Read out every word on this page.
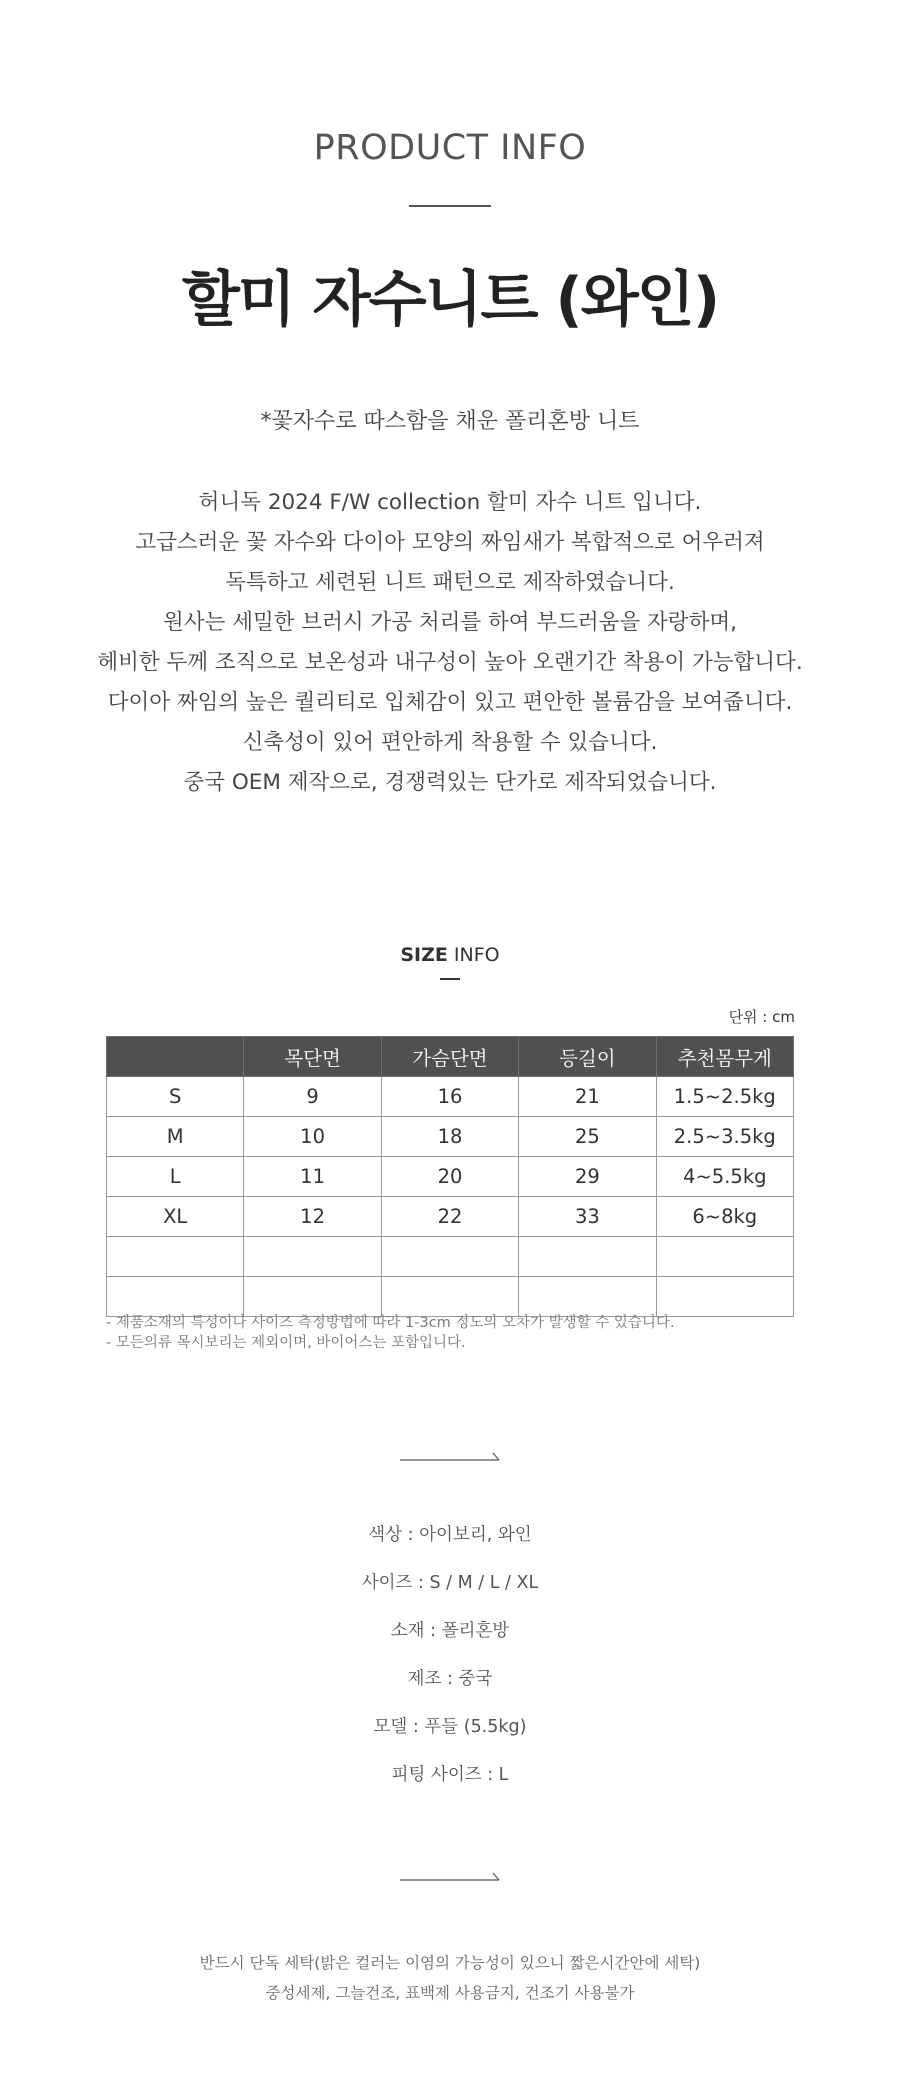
PRODUCT INFO
할미 자수니트 (와인)
*꽃자수로 따스함을 채운 폴리혼방 니트
허니독 2024 F/W collection 할미 자수 니트 입니다.
고급스러운 꽃 자수와 다이아 모양의 짜임새가 복합적으로 어우러져
독특하고 세련된 니트 패턴으로 제작하였습니다.
원사는 세밀한 브러시 가공 처리를 하여 부드러움을 자랑하며,
헤비한 두께 조직으로 보온성과 내구성이 높아 오랜기간 착용이 가능합니다.
다이아 짜임의 높은 퀄리티로 입체감이 있고 편안한 볼륨감을 보여줍니다.
신축성이 있어 편안하게 착용할 수 있습니다.
중국 OEM 제작으로, 경쟁력있는 단가로 제작되었습니다.
SIZE INFO
단위 : cm
	목단면	가슴단면	등길이	추천몸무게
S	9	16	21	1.5~2.5kg
M	10	18	25	2.5~3.5kg
L	11	20	29	4~5.5kg
XL	12	22	33	6~8kg

- 제품소재의 특성이나 사이즈 측정방법에 따라 1-3cm 정도의 오차가 발생할 수 있습니다.
- 모든의류 목시보리는 제외이며, 바이어스는 포함입니다.
색상 : 아이보리, 와인
사이즈 : S / M / L / XL
소재 : 폴리혼방
제조 : 중국
모델 : 푸들 (5.5kg)
피팅 사이즈 : L
반드시 단독 세탁(밝은 컬러는 이염의 가능성이 있으니 짧은시간안에 세탁)
중성세제, 그늘건조, 표백제 사용금지, 건조기 사용불가
